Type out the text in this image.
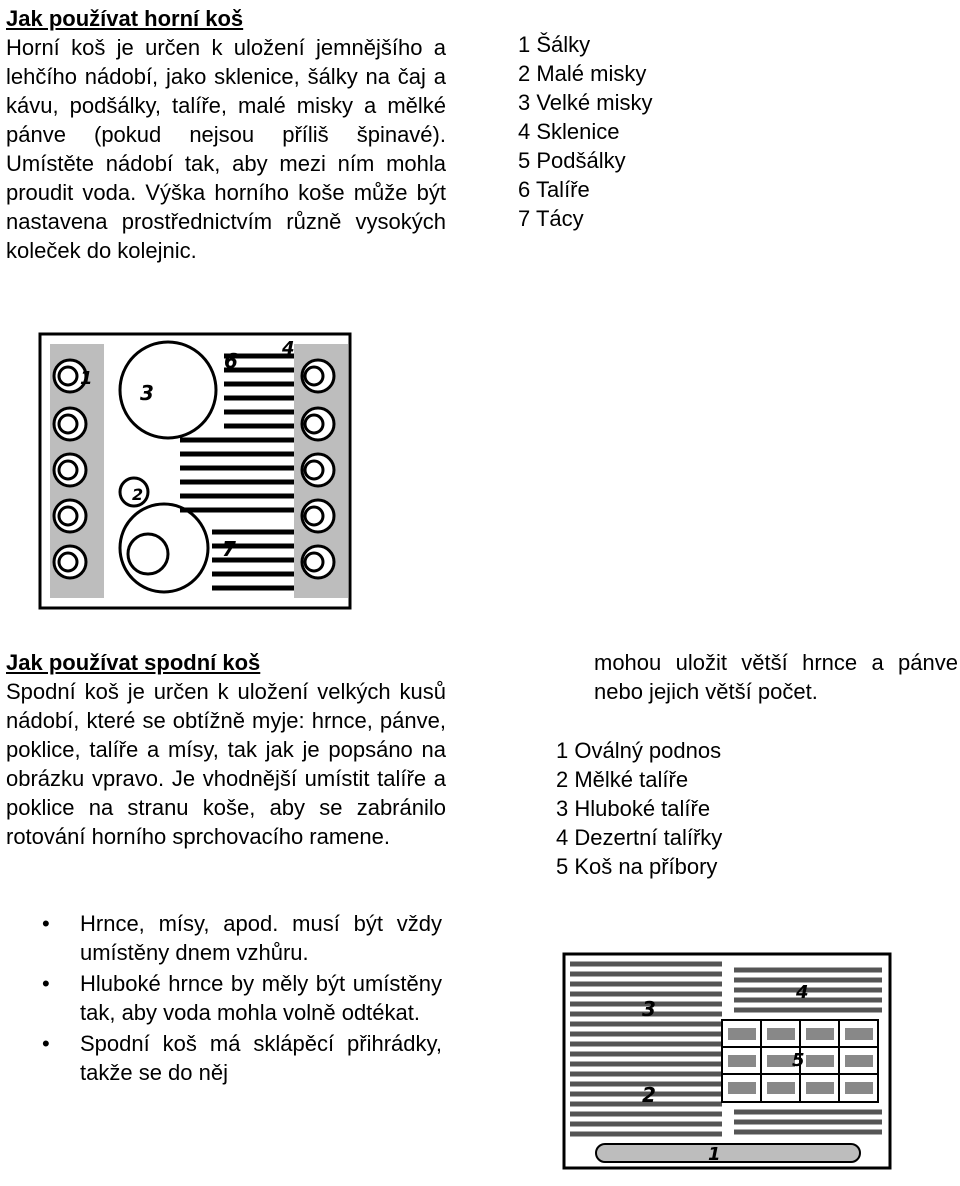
Jak používat horní koš

Horní koš je určen k uložení jemnějšího a lehčího nádobí, jako sklenice, šálky na čaj a kávu, podšálky, talíře, malé misky a mělké pánve (pokud nejsou příliš špinavé). Umístěte nádobí tak, aby mezi ním mohla proudit voda. Výška horního koše může být nastavena prostřednictvím různě vysokých koleček do kolejnic.

1 Šálky
2 Malé misky
3 Velké misky
4 Sklenice
5 Podšálky
6 Talíře
7 Tácy
1
2
3
4
6
7
Jak používat spodní koš

Spodní koš je určen k uložení velkých kusů nádobí, které se obtížně myje: hrnce, pánve, poklice, talíře a mísy, tak jak je popsáno na obrázku vpravo. Je vhodnější umístit talíře a poklice na stranu koše, aby se zabránilo rotování horního sprchovacího ramene.

• Hrnce, mísy, apod. musí být vždy umístěny dnem vzhůru.
• Hluboké hrnce by měly být umístěny tak, aby voda mohla volně odtékat.
• Spodní koš má sklápěcí přihrádky, takže se do něj

mohou uložit větší hrnce a pánve nebo jejich větší počet.

1 Oválný podnos
2 Mělké talíře
3 Hluboké talíře
4 Dezertní talířky
5 Koš na příbory
1
2
3
4
5
